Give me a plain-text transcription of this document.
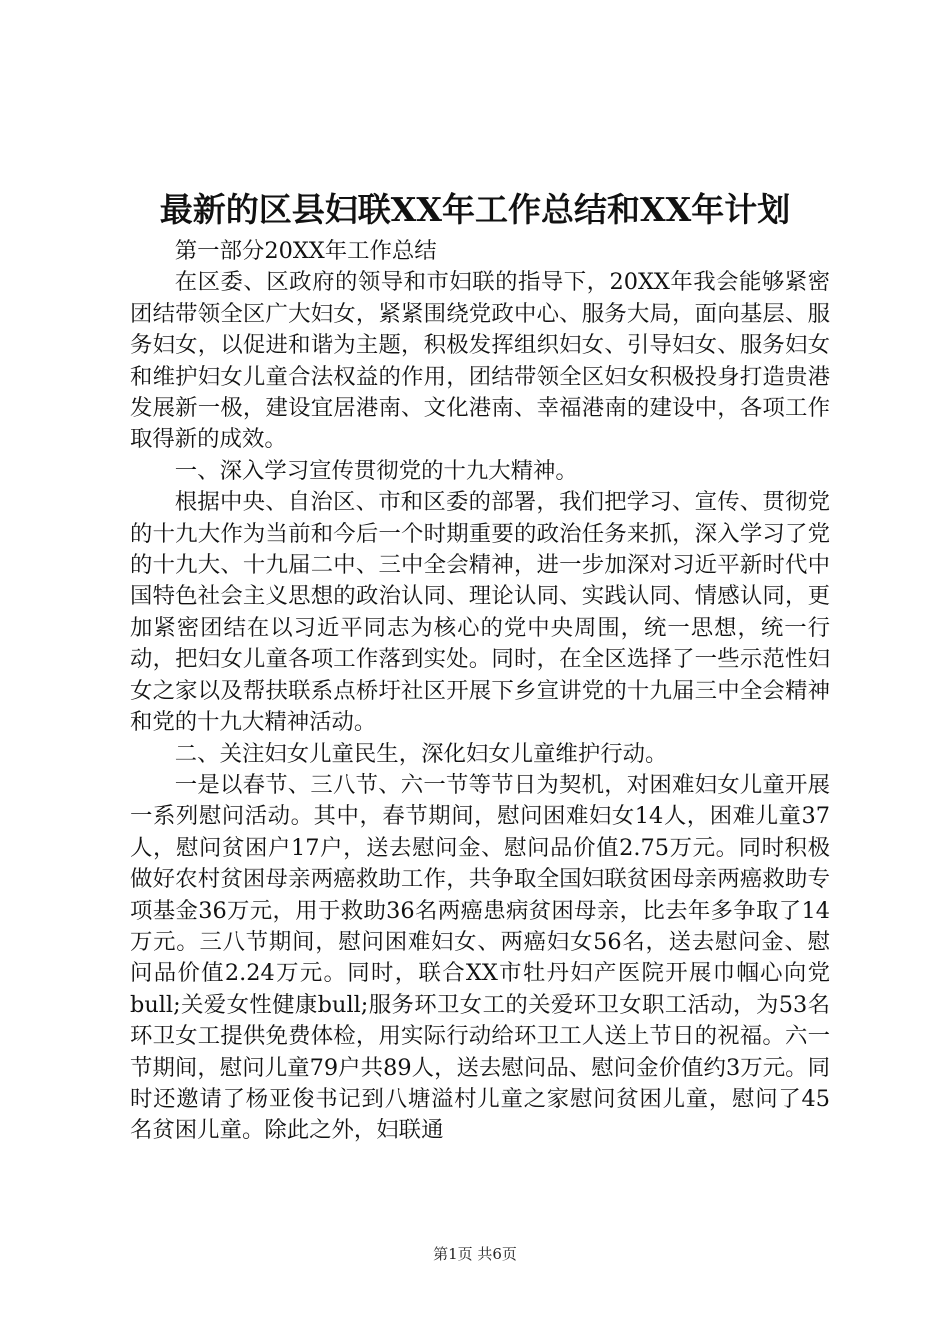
最新的区县妇联XX年工作总结和XX年计划

第一部分20XX年工作总结

在区委、区政府的领导和市妇联的指导下，20XX年我会能够紧密团结带领全区广大妇女，紧紧围绕党政中心、服务大局，面向基层、服务妇女，以促进和谐为主题，积极发挥组织妇女、引导妇女、服务妇女和维护妇女儿童合法权益的作用，团结带领全区妇女积极投身打造贵港发展新一极，建设宜居港南、文化港南、幸福港南的建设中，各项工作取得新的成效。

一、深入学习宣传贯彻党的十九大精神。

根据中央、自治区、市和区委的部署，我们把学习、宣传、贯彻党的十九大作为当前和今后一个时期重要的政治任务来抓，深入学习了党的十九大、十九届二中、三中全会精神，进一步加深对习近平新时代中国特色社会主义思想的政治认同、理论认同、实践认同、情感认同，更加紧密团结在以习近平同志为核心的党中央周围，统一思想，统一行动，把妇女儿童各项工作落到实处。同时，在全区选择了一些示范性妇女之家以及帮扶联系点桥圩社区开展下乡宣讲党的十九届三中全会精神和党的十九大精神活动。

二、关注妇女儿童民生，深化妇女儿童维护行动。

一是以春节、三八节、六一节等节日为契机，对困难妇女儿童开展一系列慰问活动。其中，春节期间，慰问困难妇女14人，困难儿童37人，慰问贫困户17户，送去慰问金、慰问品价值2.75万元。同时积极做好农村贫困母亲两癌救助工作，共争取全国妇联贫困母亲两癌救助专项基金36万元，用于救助36名两癌患病贫困母亲，比去年多争取了14万元。三八节期间，慰问困难妇女、两癌妇女56名，送去慰问金、慰问品价值2.24万元。同时，联合XX市牡丹妇产医院开展巾帼心向党bull;关爱女性健康bull;服务环卫女工的关爱环卫女职工活动，为53名环卫女工提供免费体检，用实际行动给环卫工人送上节日的祝福。六一节期间，慰问儿童79户共89人，送去慰问品、慰问金价值约3万元。同时还邀请了杨亚俊书记到八塘溢村儿童之家慰问贫困儿童，慰问了45名贫困儿童。除此之外，妇联通

第1页 共6页
